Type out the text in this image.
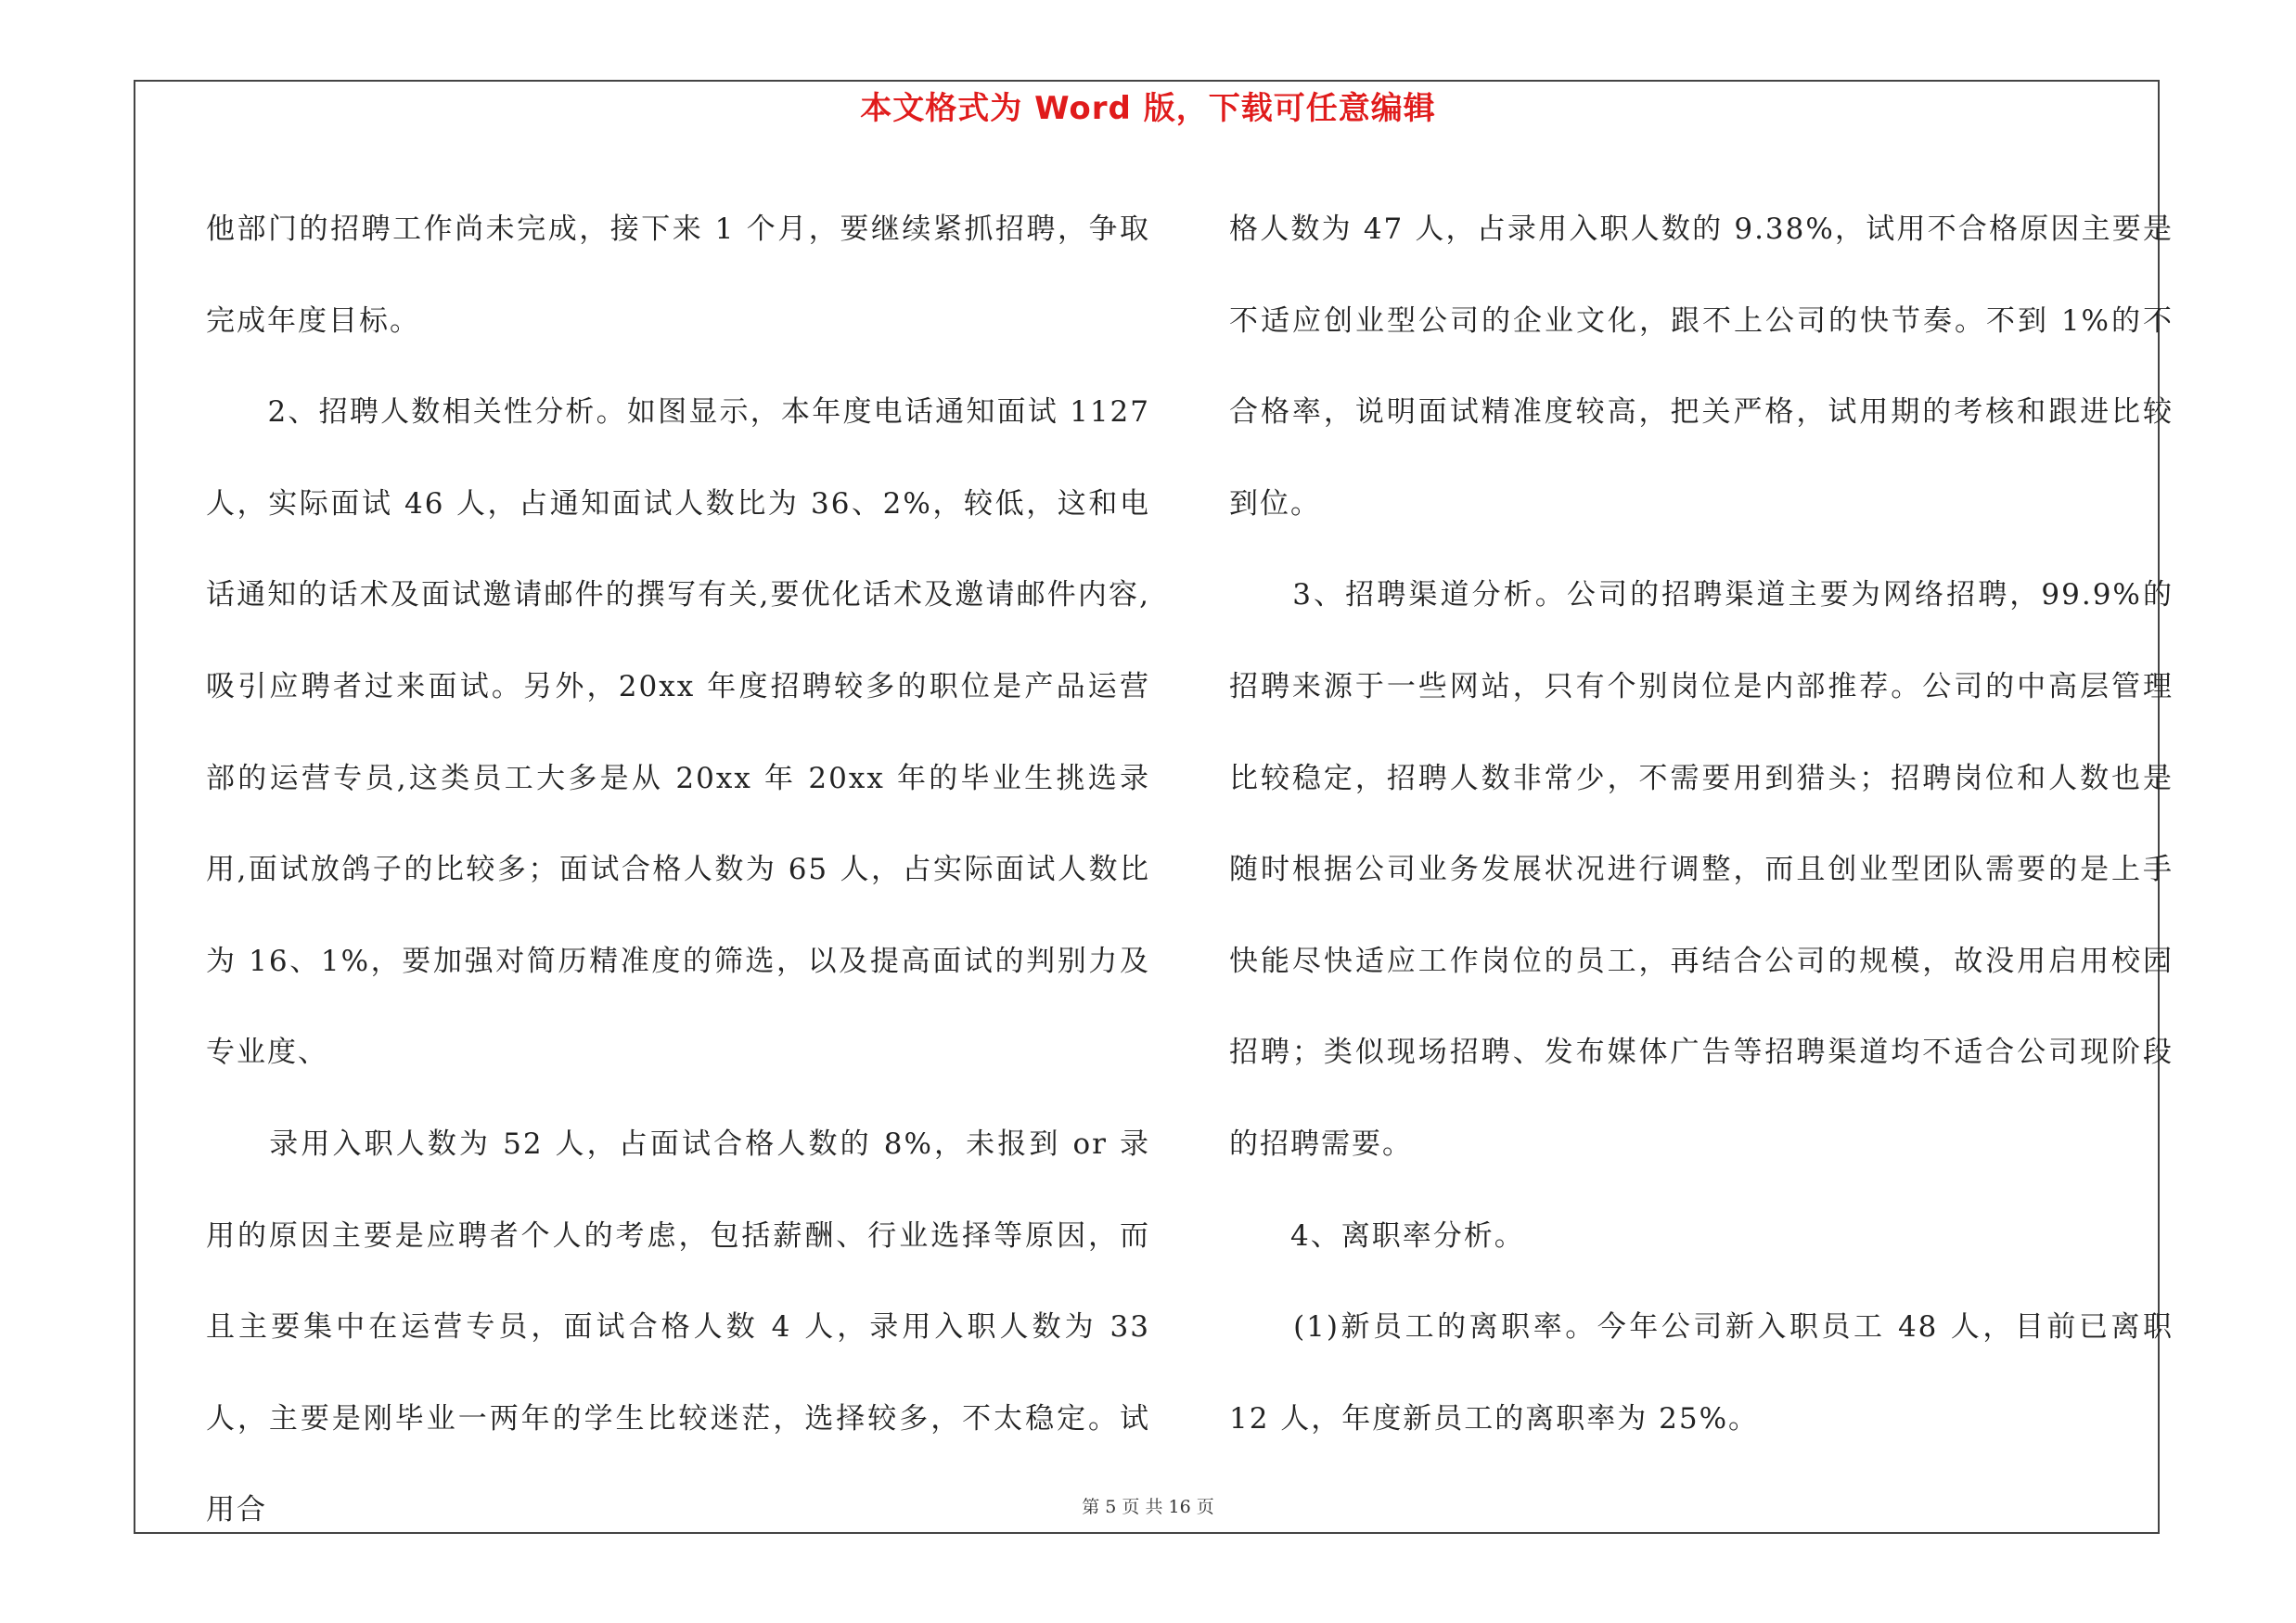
本文格式为 Word 版，下载可任意编辑

他部门的招聘工作尚未完成，接下来 1 个月，要继续紧抓招聘，争取完成年度目标。

　　2、招聘人数相关性分析。如图显示，本年度电话通知面试 1127 人，实际面试 46 人，占通知面试人数比为 36、2%，较低，这和电话通知的话术及面试邀请邮件的撰写有关,要优化话术及邀请邮件内容,吸引应聘者过来面试。另外，20xx 年度招聘较多的职位是产品运营部的运营专员,这类员工大多是从 20xx 年 20xx 年的毕业生挑选录用,面试放鸽子的比较多；面试合格人数为 65 人，占实际面试人数比为 16、1%，要加强对简历精准度的筛选，以及提高面试的判别力及专业度、

　　录用入职人数为 52 人，占面试合格人数的 8%，未报到 or 录用的原因主要是应聘者个人的考虑，包括薪酬、行业选择等原因，而且主要集中在运营专员，面试合格人数 4 人，录用入职人数为 33 人，主要是刚毕业一两年的学生比较迷茫，选择较多，不太稳定。试用合

格人数为 47 人，占录用入职人数的 9.38%，试用不合格原因主要是不适应创业型公司的企业文化，跟不上公司的快节奏。不到 1%的不合格率，说明面试精准度较高，把关严格，试用期的考核和跟进比较到位。

　　3、招聘渠道分析。公司的招聘渠道主要为网络招聘，99.9%的招聘来源于一些网站，只有个别岗位是内部推荐。公司的中高层管理比较稳定，招聘人数非常少，不需要用到猎头；招聘岗位和人数也是随时根据公司业务发展状况进行调整，而且创业型团队需要的是上手快能尽快适应工作岗位的员工，再结合公司的规模，故没用启用校园招聘；类似现场招聘、发布媒体广告等招聘渠道均不适合公司现阶段的招聘需要。

　　4、离职率分析。

　　(1)新员工的离职率。今年公司新入职员工 48 人，目前已离职 12 人，年度新员工的离职率为 25%。

第 5 页 共 16 页
